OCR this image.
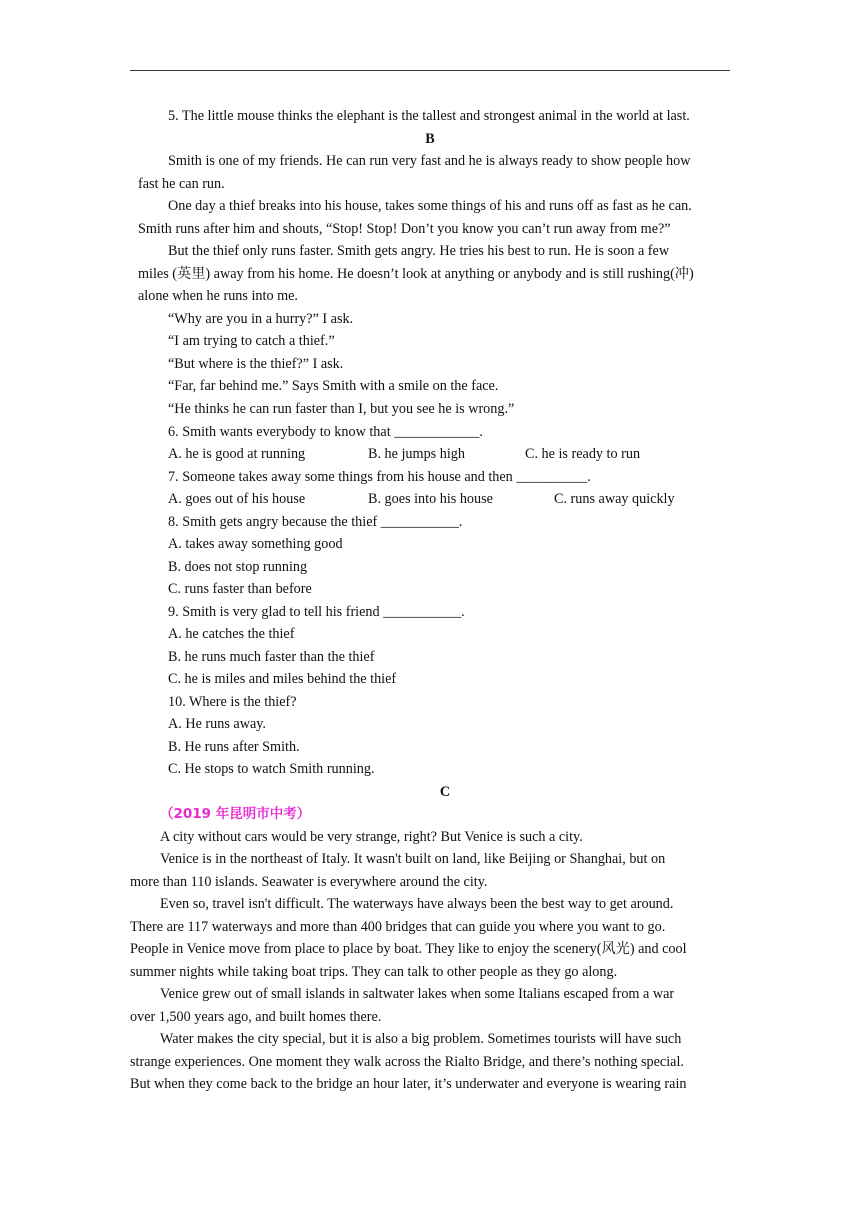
5. The little mouse thinks the elephant is the tallest and strongest animal in the world at last.
B
Smith is one of my friends. He can run very fast and he is always ready to show people how
fast he can run.
One day a thief breaks into his house, takes some things of his and runs off as fast as he can.
Smith runs after him and shouts, “Stop! Stop! Don’t you know you can’t run away from me?”
But the thief only runs faster. Smith gets angry. He tries his best to run. He is soon a few
miles (英里) away from his home. He doesn’t look at anything or anybody and is still rushing(冲)
alone when he runs into me.
“Why are you in a hurry?” I ask.
“I am trying to catch a thief.”
“But where is the thief?” I ask.
“Far, far behind me.” Says Smith with a smile on the face.
“He thinks he can run faster than I, but you see he is wrong.”
6. Smith wants everybody to know that ____________.
A. he is good at running	B. he jumps high	C. he is ready to run
7. Someone takes away some things from his house and then __________.
A. goes out of his house	B. goes into his house	C. runs away quickly
8. Smith gets angry because the thief ___________.
A. takes away something good
B. does not stop running
C. runs faster than before
9. Smith is very glad to tell his friend ___________.
A. he catches the thief
B. he runs much faster than the thief
C. he is miles and miles behind the thief
10. Where is the thief?
A. He runs away.
B. He runs after Smith.
C. He stops to watch Smith running.
C
（2019 年昆明市中考）
A city without cars would be very strange, right? But Venice is such a city.
Venice is in the northeast of Italy. It wasn't built on land, like Beijing or Shanghai, but on
more than 110 islands. Seawater is everywhere around the city.
Even so, travel isn't difficult. The waterways have always been the best way to get around.
There are 117 waterways and more than 400 bridges that can guide you where you want to go.
People in Venice move from place to place by boat. They like to enjoy the scenery(风光) and cool
summer nights while taking boat trips. They can talk to other people as they go along.
Venice grew out of small islands in saltwater lakes when some Italians escaped from a war
over 1,500 years ago, and built homes there.
Water makes the city special, but it is also a big problem. Sometimes tourists will have such
strange experiences. One moment they walk across the Rialto Bridge, and there’s nothing special.
But when they come back to the bridge an hour later, it’s underwater and everyone is wearing rain
